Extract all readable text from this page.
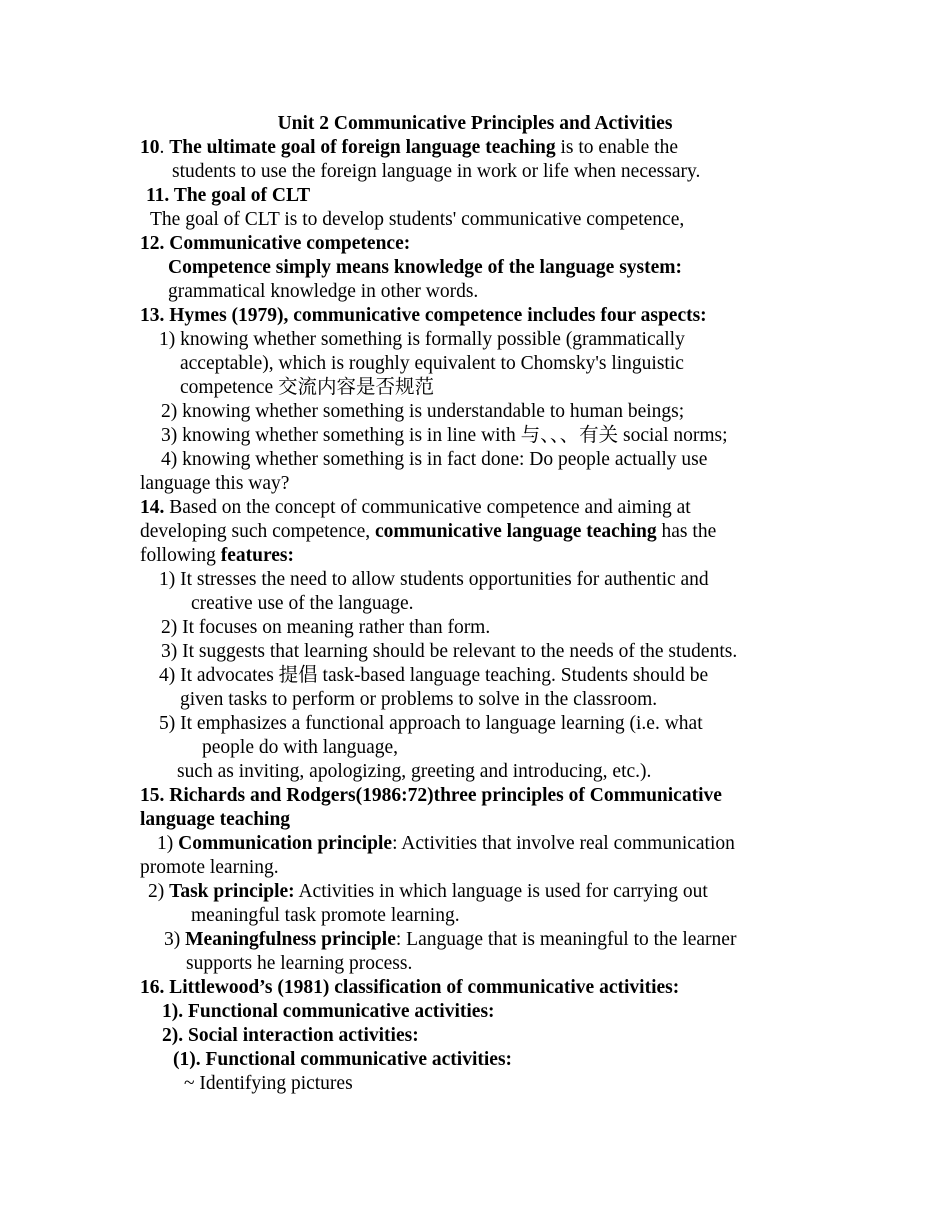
Unit 2 Communicative Principles and Activities
10. The ultimate goal of foreign language teaching is to enable the
students to use the foreign language in work or life when necessary.
11. The goal of CLT
The goal of CLT is to develop students' communicative competence,
12. Communicative competence:
Competence simply means knowledge of the language system:
grammatical knowledge in other words.
13. Hymes (1979), communicative competence includes four aspects:
1) knowing whether something is formally possible (grammatically
acceptable), which is roughly equivalent to Chomsky's linguistic
competence 交流内容是否规范
2) knowing whether something is understandable to human beings;
3) knowing whether something is in line with 与、、、有关 social norms;
4) knowing whether something is in fact done: Do people actually use
language this way?
14. Based on the concept of communicative competence and aiming at
developing such competence, communicative language teaching has the
following features:
1) It stresses the need to allow students opportunities for authentic and
creative use of the language.
2) It focuses on meaning rather than form.
3) It suggests that learning should be relevant to the needs of the students.
4) It advocates 提倡 task-based language teaching. Students should be
given tasks to perform or problems to solve in the classroom.
5) It emphasizes a functional approach to language learning (i.e. what
people do with language,
such as inviting, apologizing, greeting and introducing, etc.).
15. Richards and Rodgers(1986:72)three principles of Communicative
language teaching
1) Communication principle: Activities that involve real communication
promote learning.
2) Task principle: Activities in which language is used for carrying out
meaningful task promote learning.
3) Meaningfulness principle: Language that is meaningful to the learner
supports he learning process.
16. Littlewood’s (1981) classification of communicative activities:
1). Functional communicative activities:
2). Social interaction activities:
(1). Functional communicative activities:
~ Identifying pictures
